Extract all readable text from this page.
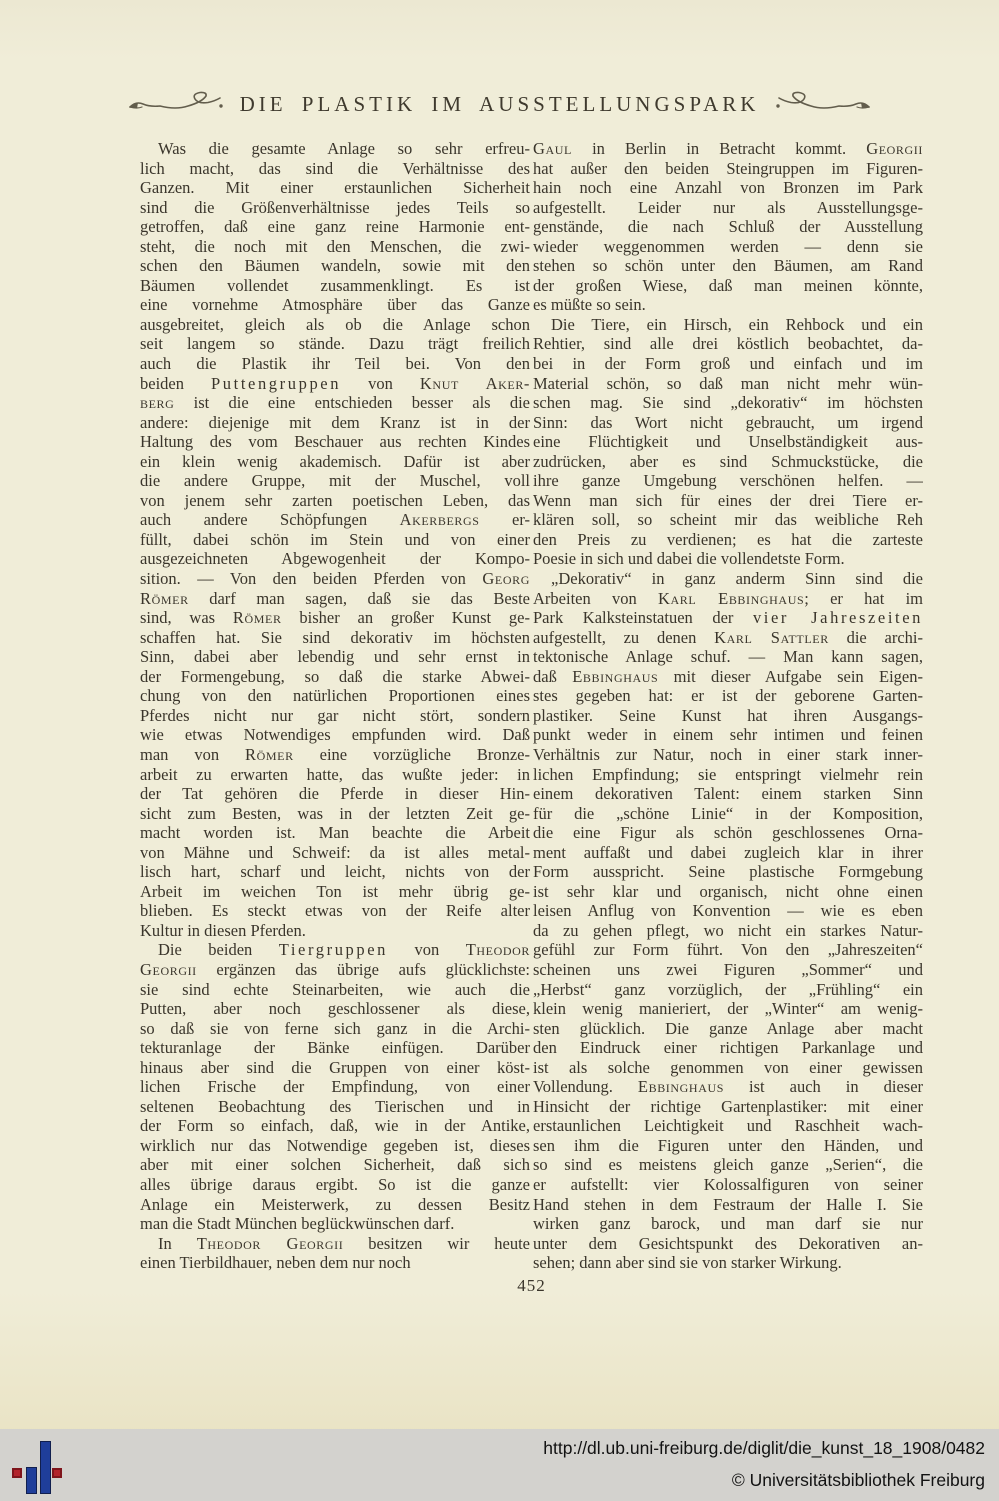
DIE PLASTIK IM AUSSTELLUNGSPARK
Was die gesamte Anlage so sehr erfreu-
lich macht, das sind die Verhältnisse des
Ganzen. Mit einer erstaunlichen Sicherheit
sind die Größenverhältnisse jedes Teils so
getroffen, daß eine ganz reine Harmonie ent-
steht, die noch mit den Menschen, die zwi-
schen den Bäumen wandeln, sowie mit den
Bäumen vollendet zusammenklingt. Es ist
eine vornehme Atmosphäre über das Ganze
ausgebreitet, gleich als ob die Anlage schon
seit langem so stände. Dazu trägt freilich
auch die Plastik ihr Teil bei. Von den
beiden Puttengruppen von Knut Aker-
berg ist die eine entschieden besser als die
andere: diejenige mit dem Kranz ist in der
Haltung des vom Beschauer aus rechten Kindes
ein klein wenig akademisch. Dafür ist aber
die andere Gruppe, mit der Muschel, voll
von jenem sehr zarten poetischen Leben, das
auch andere Schöpfungen Akerbergs er-
füllt, dabei schön im Stein und von einer
ausgezeichneten Abgewogenheit der Kompo-
sition. — Von den beiden Pferden von Georg
Römer darf man sagen, daß sie das Beste
sind, was Römer bisher an großer Kunst ge-
schaffen hat. Sie sind dekorativ im höchsten
Sinn, dabei aber lebendig und sehr ernst in
der Formengebung, so daß die starke Abwei-
chung von den natürlichen Proportionen eines
Pferdes nicht nur gar nicht stört, sondern
wie etwas Notwendiges empfunden wird. Daß
man von Römer eine vorzügliche Bronze-
arbeit zu erwarten hatte, das wußte jeder: in
der Tat gehören die Pferde in dieser Hin-
sicht zum Besten, was in der letzten Zeit ge-
macht worden ist. Man beachte die Arbeit
von Mähne und Schweif: da ist alles metal-
lisch hart, scharf und leicht, nichts von der
Arbeit im weichen Ton ist mehr übrig ge-
blieben. Es steckt etwas von der Reife alter
Kultur in diesen Pferden.
Die beiden Tiergruppen von Theodor
Georgii ergänzen das übrige aufs glücklichste:
sie sind echte Steinarbeiten, wie auch die
Putten, aber noch geschlossener als diese,
so daß sie von ferne sich ganz in die Archi-
tekturanlage der Bänke einfügen. Darüber
hinaus aber sind die Gruppen von einer köst-
lichen Frische der Empfindung, von einer
seltenen Beobachtung des Tierischen und in
der Form so einfach, daß, wie in der Antike,
wirklich nur das Notwendige gegeben ist, dieses
aber mit einer solchen Sicherheit, daß sich
alles übrige daraus ergibt. So ist die ganze
Anlage ein Meisterwerk, zu dessen Besitz
man die Stadt München beglückwünschen darf.
In Theodor Georgii besitzen wir heute
einen Tierbildhauer, neben dem nur noch
Gaul in Berlin in Betracht kommt. Georgii
hat außer den beiden Steingruppen im Figuren-
hain noch eine Anzahl von Bronzen im Park
aufgestellt. Leider nur als Ausstellungsge-
genstände, die nach Schluß der Ausstellung
wieder weggenommen werden — denn sie
stehen so schön unter den Bäumen, am Rand
der großen Wiese, daß man meinen könnte,
es müßte so sein.
Die Tiere, ein Hirsch, ein Rehbock und ein
Rehtier, sind alle drei köstlich beobachtet, da-
bei in der Form groß und einfach und im
Material schön, so daß man nicht mehr wün-
schen mag. Sie sind „dekorativ“ im höchsten
Sinn: das Wort nicht gebraucht, um irgend
eine Flüchtigkeit und Unselbständigkeit aus-
zudrücken, aber es sind Schmuckstücke, die
ihre ganze Umgebung verschönen helfen. —
Wenn man sich für eines der drei Tiere er-
klären soll, so scheint mir das weibliche Reh
den Preis zu verdienen; es hat die zarteste
Poesie in sich und dabei die vollendetste Form.
„Dekorativ“ in ganz anderm Sinn sind die
Arbeiten von Karl Ebbinghaus; er hat im
Park Kalksteinstatuen der vier Jahreszeiten
aufgestellt, zu denen Karl Sattler die archi-
tektonische Anlage schuf. — Man kann sagen,
daß Ebbinghaus mit dieser Aufgabe sein Eigen-
stes gegeben hat: er ist der geborene Garten-
plastiker. Seine Kunst hat ihren Ausgangs-
punkt weder in einem sehr intimen und feinen
Verhältnis zur Natur, noch in einer stark inner-
lichen Empfindung; sie entspringt vielmehr rein
einem dekorativen Talent: einem starken Sinn
für die „schöne Linie“ in der Komposition,
die eine Figur als schön geschlossenes Orna-
ment auffaßt und dabei zugleich klar in ihrer
Form ausspricht. Seine plastische Formgebung
ist sehr klar und organisch, nicht ohne einen
leisen Anflug von Konvention — wie es eben
da zu gehen pflegt, wo nicht ein starkes Natur-
gefühl zur Form führt. Von den „Jahreszeiten“
scheinen uns zwei Figuren „Sommer“ und
„Herbst“ ganz vorzüglich, der „Frühling“ ein
klein wenig manieriert, der „Winter“ am wenig-
sten glücklich. Die ganze Anlage aber macht
den Eindruck einer richtigen Parkanlage und
ist als solche genommen von einer gewissen
Vollendung. Ebbinghaus ist auch in dieser
Hinsicht der richtige Gartenplastiker: mit einer
erstaunlichen Leichtigkeit und Raschheit wach-
sen ihm die Figuren unter den Händen, und
so sind es meistens gleich ganze „Serien“, die
er aufstellt: vier Kolossalfiguren von seiner
Hand stehen in dem Festraum der Halle I. Sie
wirken ganz barock, und man darf sie nur
unter dem Gesichtspunkt des Dekorativen an-
sehen; dann aber sind sie von starker Wirkung.
452
http://dl.ub.uni-freiburg.de/diglit/die_kunst_18_1908/0482
© Universitätsbibliothek Freiburg
